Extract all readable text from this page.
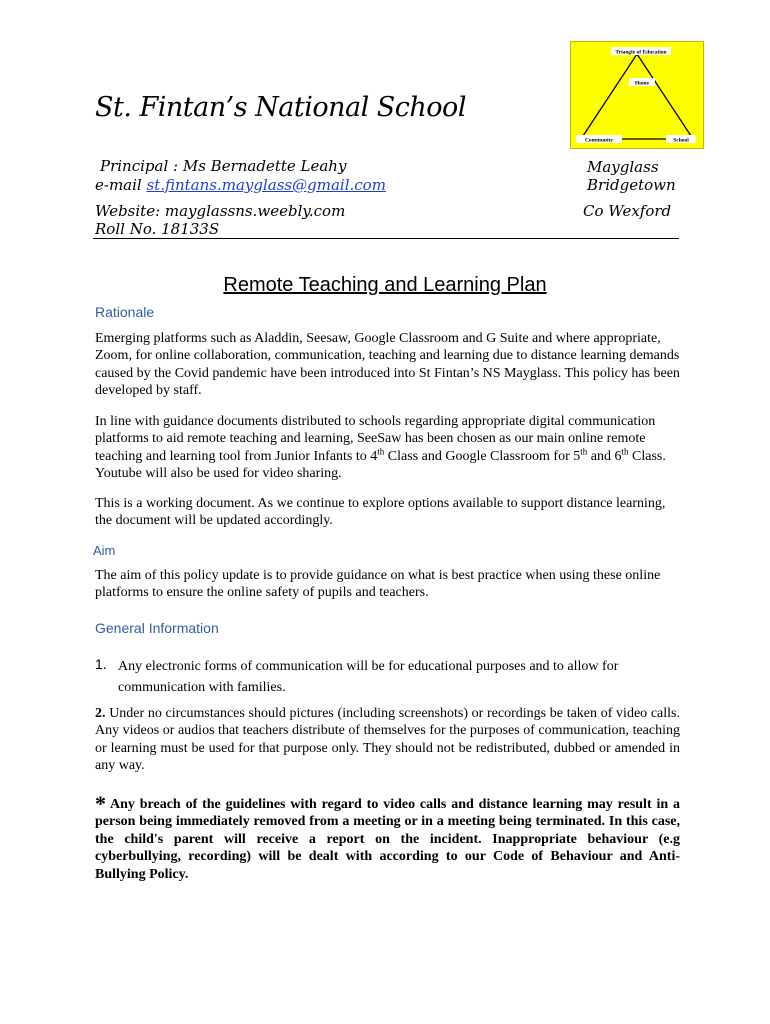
Triangle of Education
Home
Community	School
St. Fintan’s National School
Principal : Ms Bernadette Leahy
e-mail st.fintans.mayglass@gmail.com
Website: mayglassns.weebly.com
Roll No. 18133S
Mayglass
Bridgetown
Co Wexford
Remote Teaching and Learning Plan
Rationale
Emerging platforms such as Aladdin, Seesaw, Google Classroom and G Suite and where appropriate, Zoom, for online collaboration, communication, teaching and learning due to distance learning demands caused by the Covid pandemic have been introduced into St Fintan’s NS Mayglass. This policy has been developed by staff.
In line with guidance documents distributed to schools regarding appropriate digital communication platforms to aid remote teaching and learning, SeeSaw has been chosen as our main online remote teaching and learning tool from Junior Infants to 4th Class and Google Classroom for 5th and 6th Class. Youtube will also be used for video sharing.
This is a working document. As we continue to explore options available to support distance learning, the document will be updated accordingly.
Aim
The aim of this policy update is to provide guidance on what is best practice when using these online platforms to ensure the online safety of pupils and teachers.
General Information
1. Any electronic forms of communication will be for educational purposes and to allow for communication with families.
2. Under no circumstances should pictures (including screenshots) or recordings be taken of video calls. Any videos or audios that teachers distribute of themselves for the purposes of communication, teaching or learning must be used for that purpose only. They should not be redistributed, dubbed or amended in any way.
* Any breach of the guidelines with regard to video calls and distance learning may result in a person being immediately removed from a meeting or in a meeting being terminated. In this case, the child's parent will receive a report on the incident. Inappropriate behaviour (e.g cyberbullying, recording) will be dealt with according to our Code of Behaviour and Anti-Bullying Policy.
